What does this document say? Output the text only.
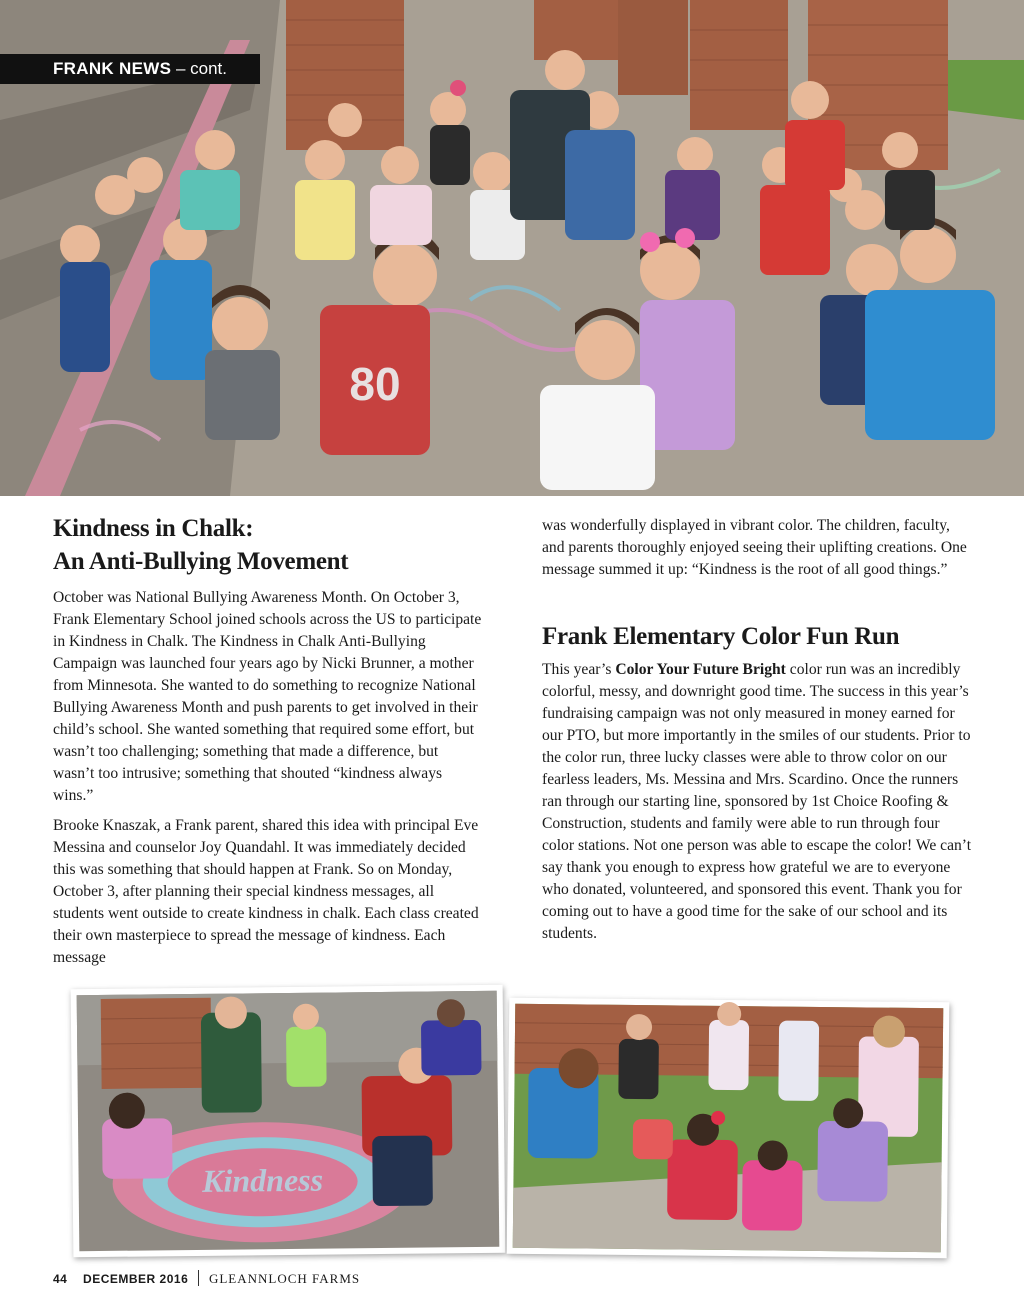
80
FRANK NEWS – cont.
Kindness in Chalk:
An Anti-Bullying Movement

October was National Bullying Awareness Month. On October 3, Frank Elementary School joined schools across the US to participate in Kindness in Chalk. The Kindness in Chalk Anti-Bullying Campaign was launched four years ago by Nicki Brunner, a mother from Minnesota. She wanted to do something to recognize National Bullying Awareness Month and push parents to get involved in their child’s school. She wanted something that required some effort, but wasn’t too challenging; something that made a difference, but wasn’t too intrusive; something that shouted “kindness always wins.”

Brooke Knaszak, a Frank parent, shared this idea with principal Eve Messina and counselor Joy Quandahl. It was immediately decided this was something that should happen at Frank. So on Monday, October 3, after planning their special kindness messages, all students went outside to create kindness in chalk. Each class created their own masterpiece to spread the message of kindness. Each message

was wonderfully displayed in vibrant color. The children, faculty, and parents thoroughly enjoyed seeing their uplifting creations. One message summed it up: “Kindness is the root of all good things.”

Frank Elementary Color Fun Run

This year’s Color Your Future Bright color run was an incredibly colorful, messy, and downright good time. The success in this year’s fundraising campaign was not only measured in money earned for our PTO, but more importantly in the smiles of our students. Prior to the color run, three lucky classes were able to throw color on our fearless leaders, Ms. Messina and Mrs. Scardino. Once the runners ran through our starting line, sponsored by 1st Choice Roofing & Construction, students and family were able to run through four color stations. Not one person was able to escape the color! We can’t say thank you enough to express how grateful we are to everyone who donated, volunteered, and sponsored this event. Thank you for coming out to have a good time for the sake of our school and its students.

Kindness
44 DECEMBER 2016 GLEANNLOCH FARMS
